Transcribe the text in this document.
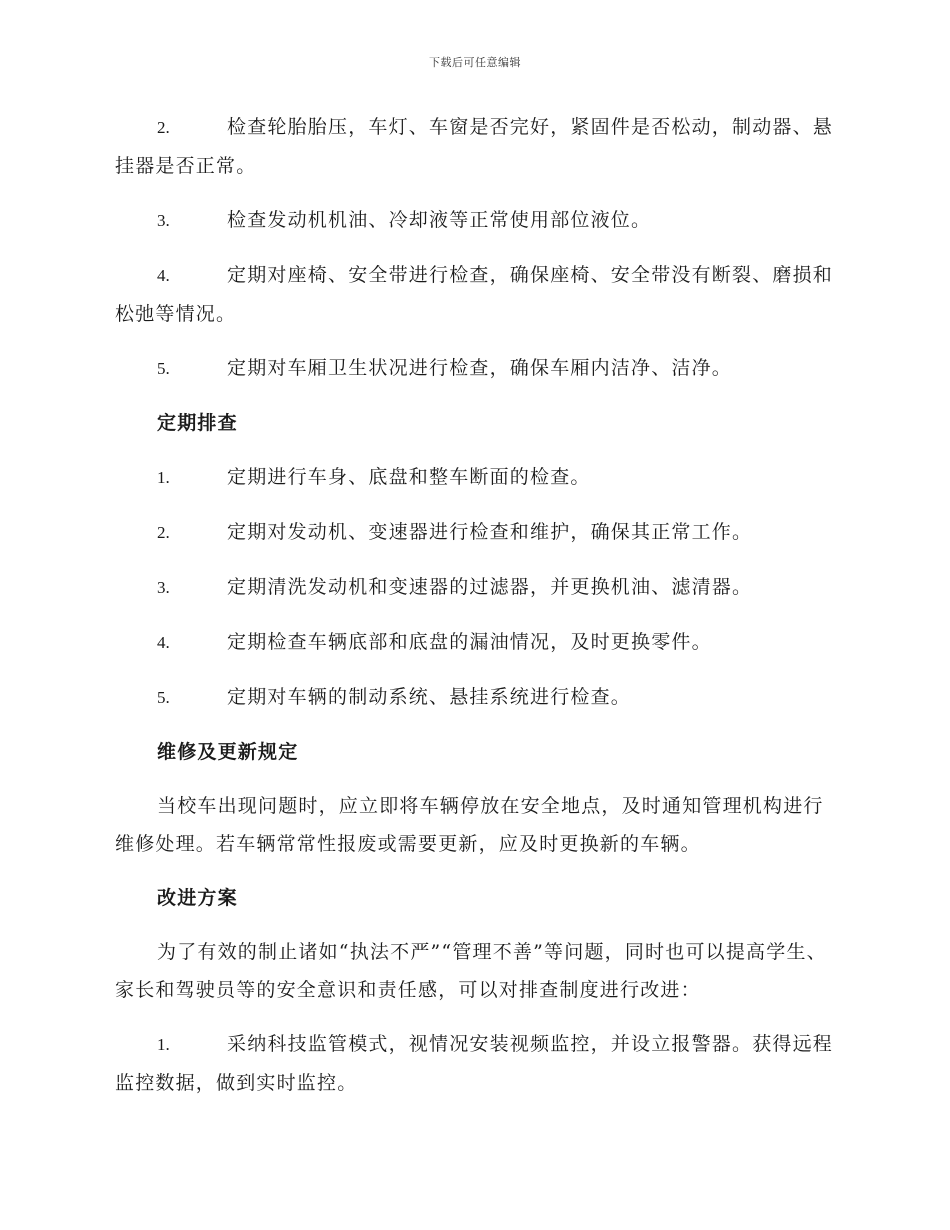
下载后可任意编辑
2.	检查轮胎胎压，车灯、车窗是否完好，紧固件是否松动，制动器、悬挂器是否正常。
3.	检查发动机机油、冷却液等正常使用部位液位。
4.	定期对座椅、安全带进行检查，确保座椅、安全带没有断裂、磨损和松弛等情况。
5.	定期对车厢卫生状况进行检查，确保车厢内洁净、洁净。
定期排查
1.	定期进行车身、底盘和整车断面的检查。
2.	定期对发动机、变速器进行检查和维护，确保其正常工作。
3.	定期清洗发动机和变速器的过滤器，并更换机油、滤清器。
4.	定期检查车辆底部和底盘的漏油情况，及时更换零件。
5.	定期对车辆的制动系统、悬挂系统进行检查。
维修及更新规定
当校车出现问题时，应立即将车辆停放在安全地点，及时通知管理机构进行维修处理。若车辆常常性报废或需要更新，应及时更换新的车辆。
改进方案
为了有效的制止诸如“执法不严”“管理不善”等问题，同时也可以提高学生、家长和驾驶员等的安全意识和责任感，可以对排查制度进行改进：
1.	采纳科技监管模式，视情况安装视频监控，并设立报警器。获得远程监控数据，做到实时监控。
